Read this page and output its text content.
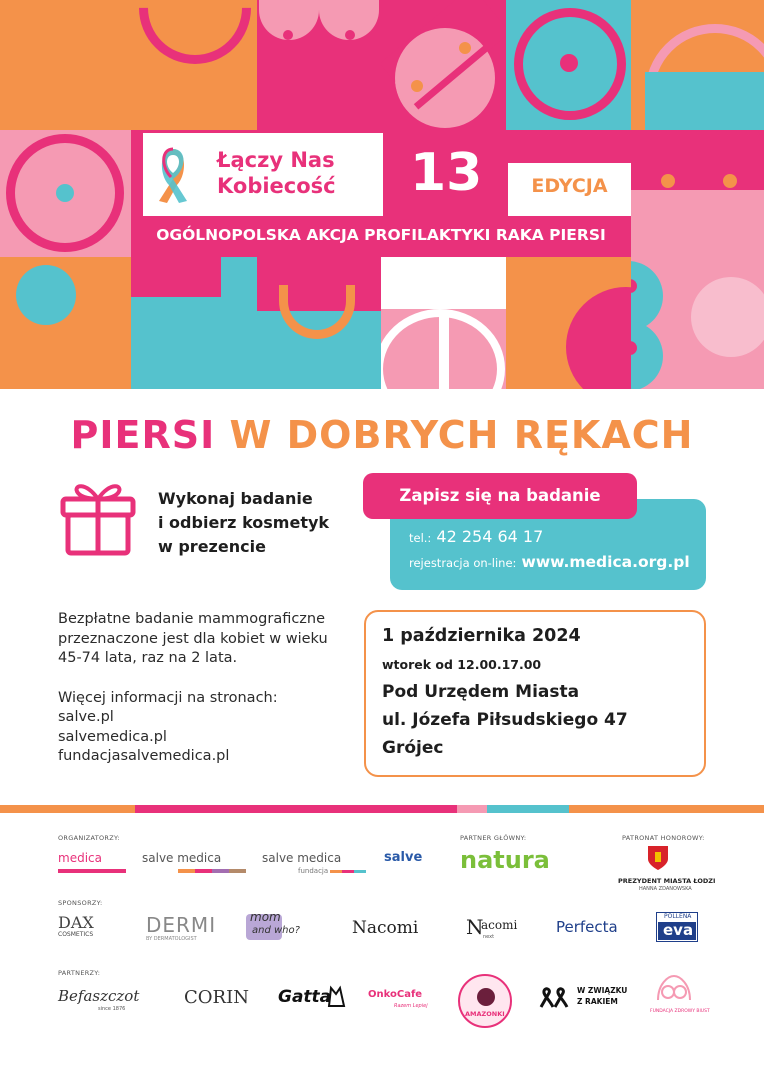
Łączy Nas
Kobiecość 13	EDYCJA
OGÓLNOPOLSKA AKCJA PROFILAKTYKI RAKA PIERSI
PIERSI W DOBRYCH RĘKACH
Wykonaj badanie
i odbierz kosmetyk
w prezencie
Zapisz się na badanie
tel.: 42 254 64 17
rejestracja on-line: www.medica.org.pl
Bezpłatne badanie mammograficzne
przeznaczone jest dla kobiet w wieku
45-74 lata, raz na 2 lata.
Więcej informacji na stronach:
salve.pl
salvemedica.pl
fundacjasalvemedica.pl
1 października 2024
wtorek od 12.00.17.00
Pod Urzędem Miasta
ul. Józefa Piłsudskiego 47
Grójec
ORGANIZATORZY:	PARTNER GŁÓWNY:	PATRONAT HONOROWY:
medica	salve medica	salve medica
fundacja
salve natura
PREZYDENT MIASTA ŁODZI
HANNA ZDANOWSKA
SPONSORZY:
DAX
COSMETICS	DERMI
BY DERMATOLOGIST
mom
and who?	Nacomi N
acomi
next
Perfecta
POLLENA
eva
PARTNERZY:
Befaszczot
since 1876
CORIN Gatta	OnkoCafe
Razem Lepiej
AMAZONKI
W ZWIĄZKU
Z RAKIEM
FUNDACJA ZDROWY BIUST
